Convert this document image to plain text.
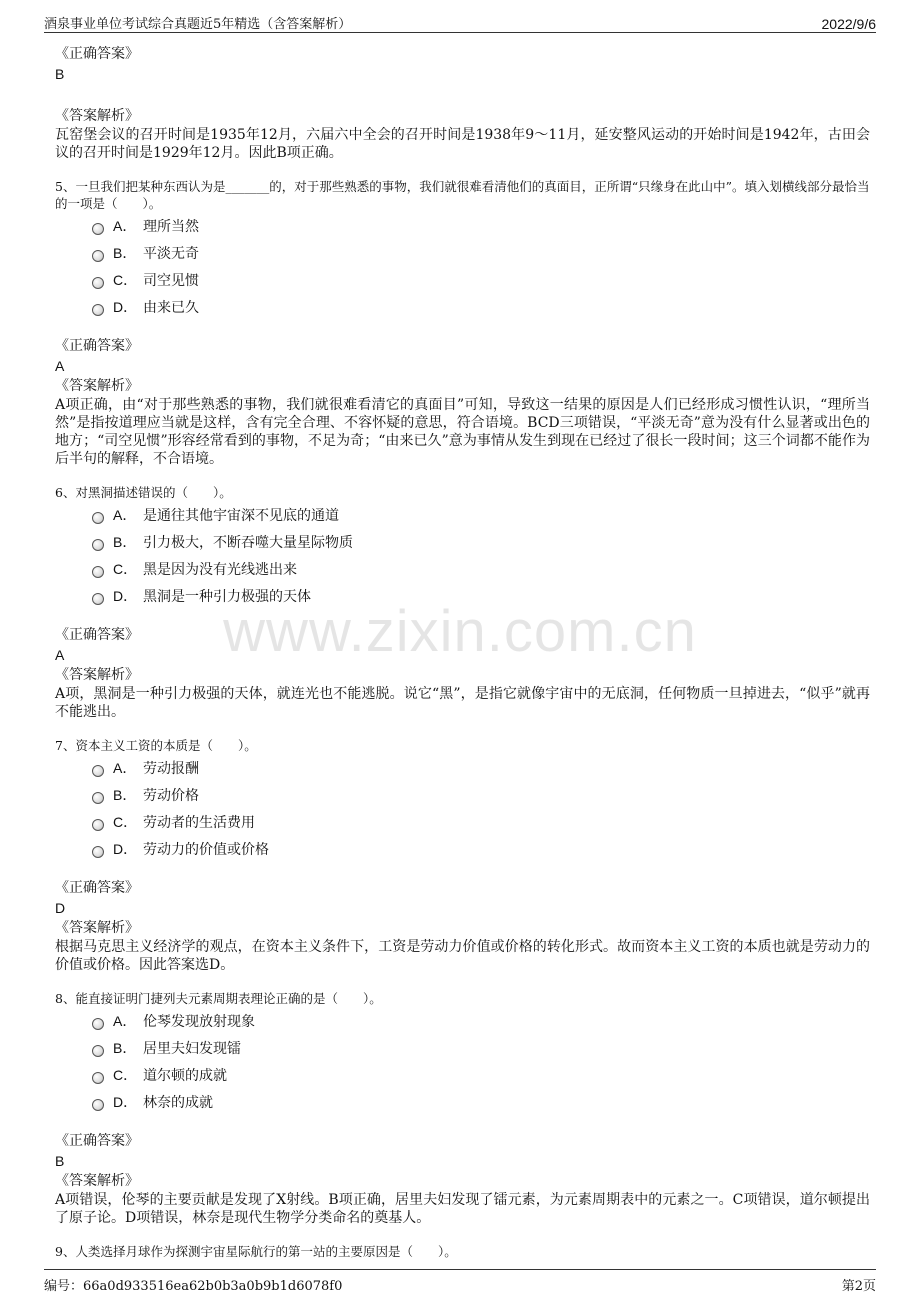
酒泉事业单位考试综合真题近5年精选（含答案解析）	2022/9/6
www.zixin.com.cn
《正确答案》
B
《答案解析》
瓦窑堡会议的召开时间是1935年12月，六届六中全会的召开时间是1938年9～11月，延安整风运动的开始时间是1942年，古田会议的召开时间是1929年12月。因此B项正确。
5、一旦我们把某种东西认为是_______的，对于那些熟悉的事物，我们就很难看清他们的真面目，正所谓“只缘身在此山中”。填入划横线部分最恰当的一项是（　　）。
A． 理所当然
B． 平淡无奇
C． 司空见惯
D． 由来已久
《正确答案》
A
《答案解析》
A项正确，由“对于那些熟悉的事物，我们就很难看清它的真面目”可知，导致这一结果的原因是人们已经形成习惯性认识，“理所当然”是指按道理应当就是这样，含有完全合理、不容怀疑的意思，符合语境。BCD三项错误，“平淡无奇”意为没有什么显著或出色的地方；“司空见惯”形容经常看到的事物，不足为奇；“由来已久”意为事情从发生到现在已经过了很长一段时间；这三个词都不能作为后半句的解释，不合语境。
6、对黑洞描述错误的（　　）。
A． 是通往其他宇宙深不见底的通道
B． 引力极大，不断吞噬大量星际物质
C． 黑是因为没有光线逃出来
D． 黑洞是一种引力极强的天体
《正确答案》
A
《答案解析》
A项，黑洞是一种引力极强的天体，就连光也不能逃脱。说它“黑”，是指它就像宇宙中的无底洞，任何物质一旦掉进去，“似乎”就再不能逃出。
7、资本主义工资的本质是（　　）。
A． 劳动报酬
B． 劳动价格
C． 劳动者的生活费用
D． 劳动力的价值或价格
《正确答案》
D
《答案解析》
根据马克思主义经济学的观点，在资本主义条件下，工资是劳动力价值或价格的转化形式。故而资本主义工资的本质也就是劳动力的价值或价格。因此答案选D。
8、能直接证明门捷列夫元素周期表理论正确的是（　　）。
A． 伦琴发现放射现象
B． 居里夫妇发现镭
C． 道尔顿的成就
D． 林奈的成就
《正确答案》
B
《答案解析》
A项错误，伦琴的主要贡献是发现了X射线。B项正确，居里夫妇发现了镭元素，为元素周期表中的元素之一。C项错误，道尔顿提出了原子论。D项错误，林奈是现代生物学分类命名的奠基人。
9、人类选择月球作为探测宇宙星际航行的第一站的主要原因是（　　）。
编号：66a0d933516ea62b0b3a0b9b1d6078f0	第2页
